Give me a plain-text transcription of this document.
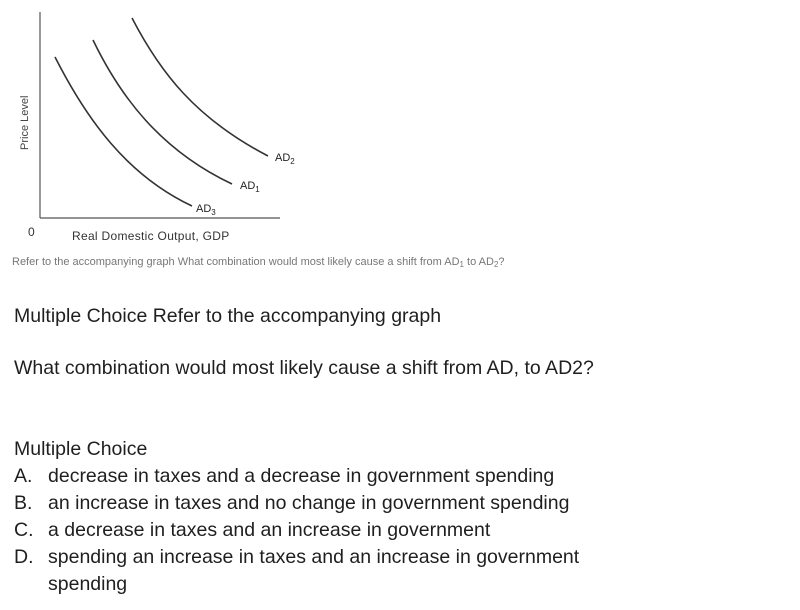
Price Level
0	Real Domestic Output, GDP
$AD_2$
$AD_1$
$AD_3$
Refer to the accompanying graph What combination would most likely cause a shift from AD1 to AD2?
Multiple Choice Refer to the accompanying graph
What combination would most likely cause a shift from AD, to AD2?
Multiple Choice
A. decrease in taxes and a decrease in government spending
B. an increase in taxes and no change in government spending
C. a decrease in taxes and an increase in government
D. spending an increase in taxes and an increase in government spending
